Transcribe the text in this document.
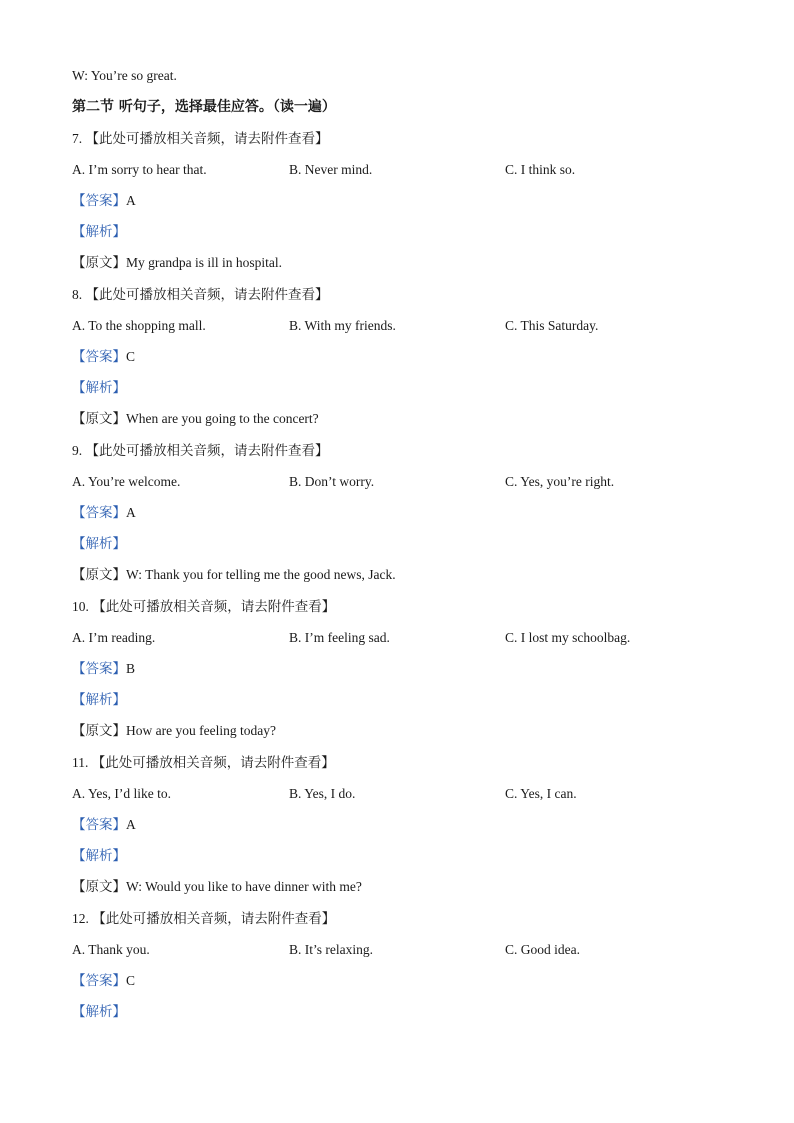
W: You’re so great.
第二节 听句子，选择最佳应答。（读一遍）
7. 【此处可播放相关音频，请去附件查看】
A. I’m sorry to hear that.	B. Never mind.	C. I think so.
【答案】A
【解析】
【原文】My grandpa is ill in hospital.
8. 【此处可播放相关音频，请去附件查看】
A. To the shopping mall.	B. With my friends.	C. This Saturday.
【答案】C
【解析】
【原文】When are you going to the concert?
9. 【此处可播放相关音频，请去附件查看】
A. You’re welcome.	B. Don’t worry.	C. Yes, you’re right.
【答案】A
【解析】
【原文】W: Thank you for telling me the good news, Jack.
10. 【此处可播放相关音频，请去附件查看】
A. I’m reading.	B. I’m feeling sad.	C. I lost my schoolbag.
【答案】B
【解析】
【原文】How are you feeling today?
11. 【此处可播放相关音频，请去附件查看】
A. Yes, I’d like to.	B. Yes, I do.	C. Yes, I can.
【答案】A
【解析】
【原文】W: Would you like to have dinner with me?
12. 【此处可播放相关音频，请去附件查看】
A. Thank you.	B. It’s relaxing.	C. Good idea.
【答案】C
【解析】
